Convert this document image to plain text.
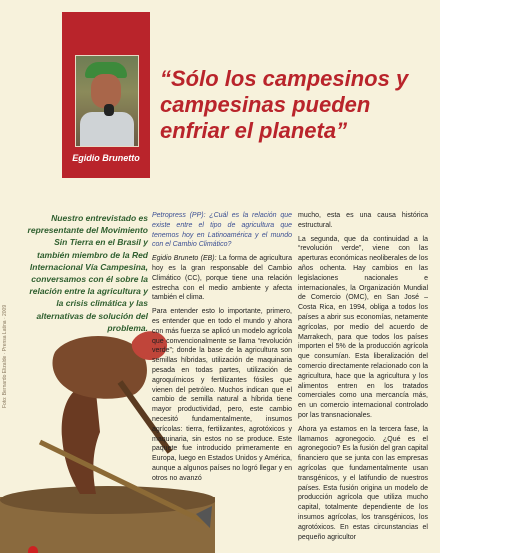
Egidio Brunetto
“Sólo los campesinos y campesinas pueden enfriar el planeta”

Nuestro entrevistado es representante del Movimiento Sin Tierra en el Brasil y también miembro de la Red Internacional Vía Campesina, conversamos con él sobre la relación entre la agricultura y la crisis climática y las alternativas de solución del problema.

Foto: Bernardo Elizalde · Prensa Latina · 2009

Petropress (PP): ¿Cuál es la relación que existe entre el tipo de agricultura que tenemos hoy en Latinoamérica y el mundo con el Cambio Climático?

Egidio Bruneto (EB): La forma de agricultura hoy es la gran responsable del Cambio Climático (CC), porque tiene una relación estrecha con el medio ambiente y afecta también el clima.

Para entender esto lo importante, primero, es entender que en todo el mundo y ahora con más fuerza se aplicó un modelo agrícola que convencionalmente se llama “revolución verde”; donde la base de la agricultura son semillas híbridas, utilización de maquinaria pesada en todas partes, utilización de agroquímicos y fertilizantes fósiles que vienen del petróleo. Muchos indican que el cambio de semilla natural a híbrida tiene mayor productividad, pero, este cambio necesitó fundamentalmente, insumos agrícolas: tierra, fertilizantes, agrotóxicos y maquinaria, sin estos no se produce. Este paquete fue introducido primeramente en Europa, luego en Estados Unidos y América, aunque a algunos países no logró llegar y en otros no avanzó

mucho, esta es una causa histórica estructural.

La segunda, que da continuidad a la “revolución verde”, viene con las aperturas económicas neoliberales de los años ochenta. Hay cambios en las legislaciones nacionales e internacionales, la Organización Mundial de Comercio (OMC), en San José – Costa Rica, en 1994, obliga a todos los países a abrir sus economías, netamente agrícolas, por medio del acuerdo de Marrakech, para que todos los países importen el 5% de la producción agrícola que consumían. Esta liberalización del comercio directamente relacionado con la agricultura, hace que la agricultura y los alimentos entren en los tratados comerciales como una mercancía más, en un comercio internacional controlado por las transnacionales.

Ahora ya estamos en la tercera fase, la llamamos agronegocio. ¿Qué es el agronegocio? Es la fusión del gran capital financiero que se junta con las empresas agrícolas que fundamentalmente usan transgénicos, y el latifundio de nuestros países. Esta fusión origina un modelo de producción agrícola que utiliza mucho capital, totalmente dependiente de los insumos agrícolas, los transgénicos, los agrotóxicos. En estas circunstancias el pequeño agricultor
